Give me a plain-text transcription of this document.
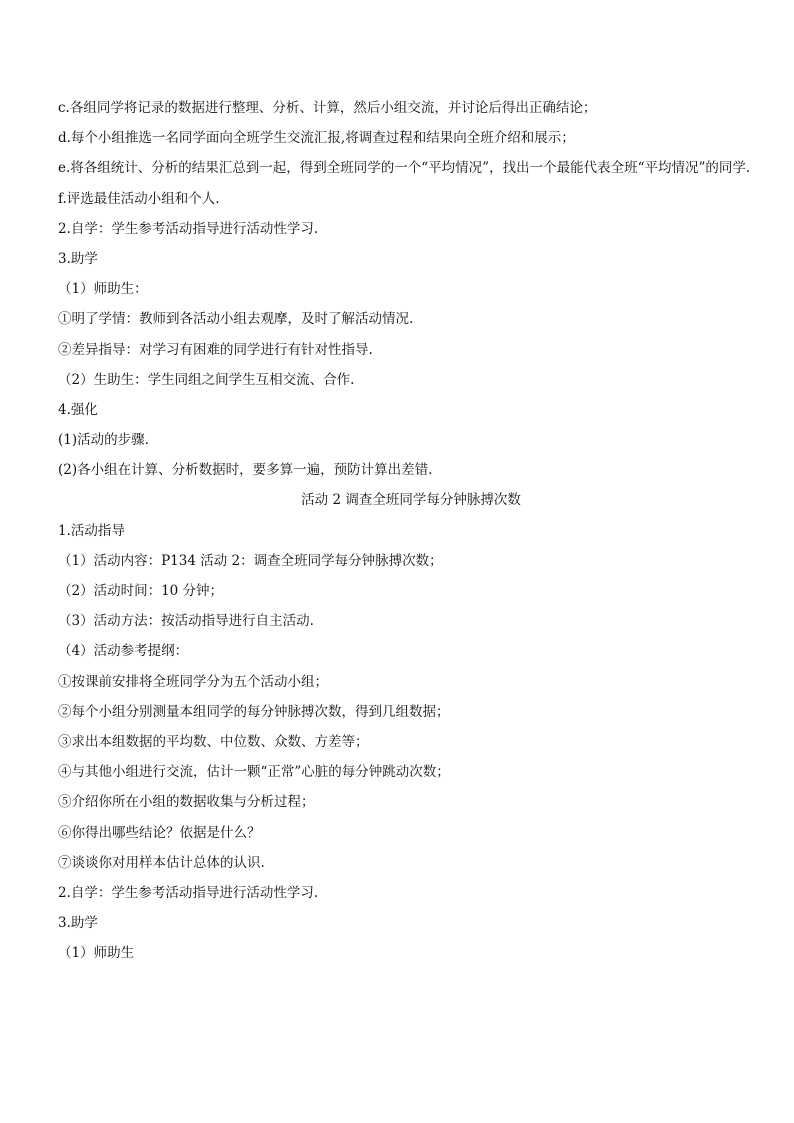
c.各组同学将记录的数据进行整理、分析、计算，然后小组交流，并讨论后得出正确结论；
d.每个小组推选一名同学面向全班学生交流汇报,将调查过程和结果向全班介绍和展示；
e.将各组统计、分析的结果汇总到一起，得到全班同学的一个“平均情况”，找出一个最能代表全班“平均情况”的同学.
f.评选最佳活动小组和个人.
2.自学：学生参考活动指导进行活动性学习.
3.助学
（1）师助生：
①明了学情：教师到各活动小组去观摩，及时了解活动情况.
②差异指导：对学习有困难的同学进行有针对性指导.
（2）生助生：学生同组之间学生互相交流、合作.
4.强化
(1)活动的步骤.
(2)各小组在计算、分析数据时，要多算一遍，预防计算出差错.
活动 2 调查全班同学每分钟脉搏次数
1.活动指导
（1）活动内容：P134 活动 2：调查全班同学每分钟脉搏次数；
（2）活动时间：10 分钟；
（3）活动方法：按活动指导进行自主活动.
（4）活动参考提纲：
①按课前安排将全班同学分为五个活动小组；
②每个小组分别测量本组同学的每分钟脉搏次数，得到几组数据；
③求出本组数据的平均数、中位数、众数、方差等；
④与其他小组进行交流，估计一颗“正常”心脏的每分钟跳动次数；
⑤介绍你所在小组的数据收集与分析过程；
⑥你得出哪些结论？依据是什么？
⑦谈谈你对用样本估计总体的认识.
2.自学：学生参考活动指导进行活动性学习.
3.助学
（1）师助生
